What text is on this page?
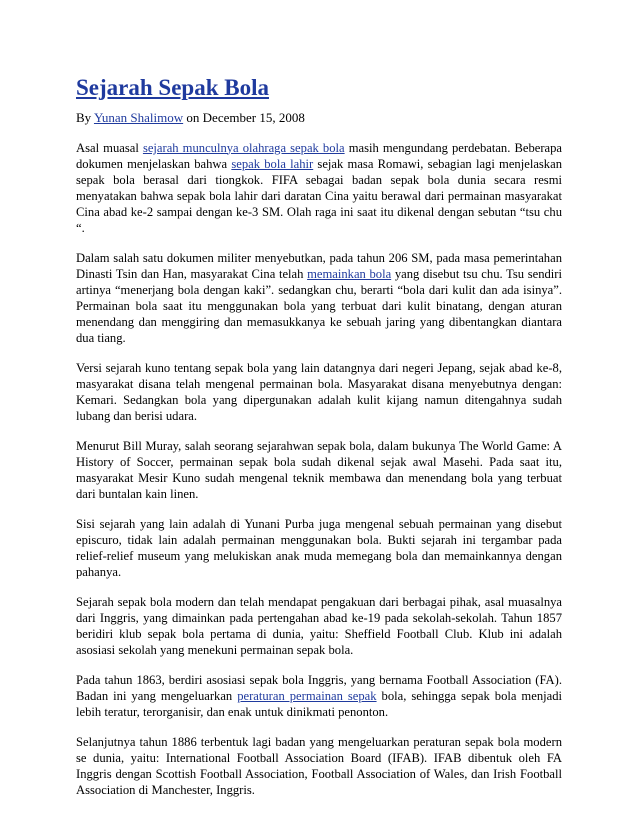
Sejarah Sepak Bola
By Yunan Shalimow on December 15, 2008

Asal muasal sejarah munculnya olahraga sepak bola masih mengundang perdebatan. Beberapa dokumen menjelaskan bahwa sepak bola lahir sejak masa Romawi, sebagian lagi menjelaskan sepak bola berasal dari tiongkok. FIFA sebagai badan sepak bola dunia secara resmi menyatakan bahwa sepak bola lahir dari daratan Cina yaitu berawal dari permainan masyarakat Cina abad ke-2 sampai dengan ke-3 SM. Olah raga ini saat itu dikenal dengan sebutan “tsu chu “.

Dalam salah satu dokumen militer menyebutkan, pada tahun 206 SM, pada masa pemerintahan Dinasti Tsin dan Han, masyarakat Cina telah memainkan bola yang disebut tsu chu. Tsu sendiri artinya “menerjang bola dengan kaki”. sedangkan chu, berarti “bola dari kulit dan ada isinya”. Permainan bola saat itu menggunakan bola yang terbuat dari kulit binatang, dengan aturan menendang dan menggiring dan memasukkanya ke sebuah jaring yang dibentangkan diantara dua tiang.

Versi sejarah kuno tentang sepak bola yang lain datangnya dari negeri Jepang, sejak abad ke-8, masyarakat disana telah mengenal permainan bola. Masyarakat disana menyebutnya dengan: Kemari. Sedangkan bola yang dipergunakan adalah kulit kijang namun ditengahnya sudah lubang dan berisi udara.

Menurut Bill Muray, salah seorang sejarahwan sepak bola, dalam bukunya The World Game: A History of Soccer, permainan sepak bola sudah dikenal sejak awal Masehi. Pada saat itu, masyarakat Mesir Kuno sudah mengenal teknik membawa dan menendang bola yang terbuat dari buntalan kain linen.

Sisi sejarah yang lain adalah di Yunani Purba juga mengenal sebuah permainan yang disebut episcuro, tidak lain adalah permainan menggunakan bola. Bukti sejarah ini tergambar pada relief-relief museum yang melukiskan anak muda memegang bola dan memainkannya dengan pahanya.

Sejarah sepak bola modern dan telah mendapat pengakuan dari berbagai pihak, asal muasalnya dari Inggris, yang dimainkan pada pertengahan abad ke-19 pada sekolah-sekolah. Tahun 1857 beridiri klub sepak bola pertama di dunia, yaitu: Sheffield Football Club. Klub ini adalah asosiasi sekolah yang menekuni permainan sepak bola.

Pada tahun 1863, berdiri asosiasi sepak bola Inggris, yang bernama Football Association (FA). Badan ini yang mengeluarkan peraturan permainan sepak bola, sehingga sepak bola menjadi lebih teratur, terorganisir, dan enak untuk dinikmati penonton.

Selanjutnya tahun 1886 terbentuk lagi badan yang mengeluarkan peraturan sepak bola modern se dunia, yaitu: International Football Association Board (IFAB). IFAB dibentuk oleh FA Inggris dengan Scottish Football Association, Football Association of Wales, dan Irish Football Association di Manchester, Inggris.
